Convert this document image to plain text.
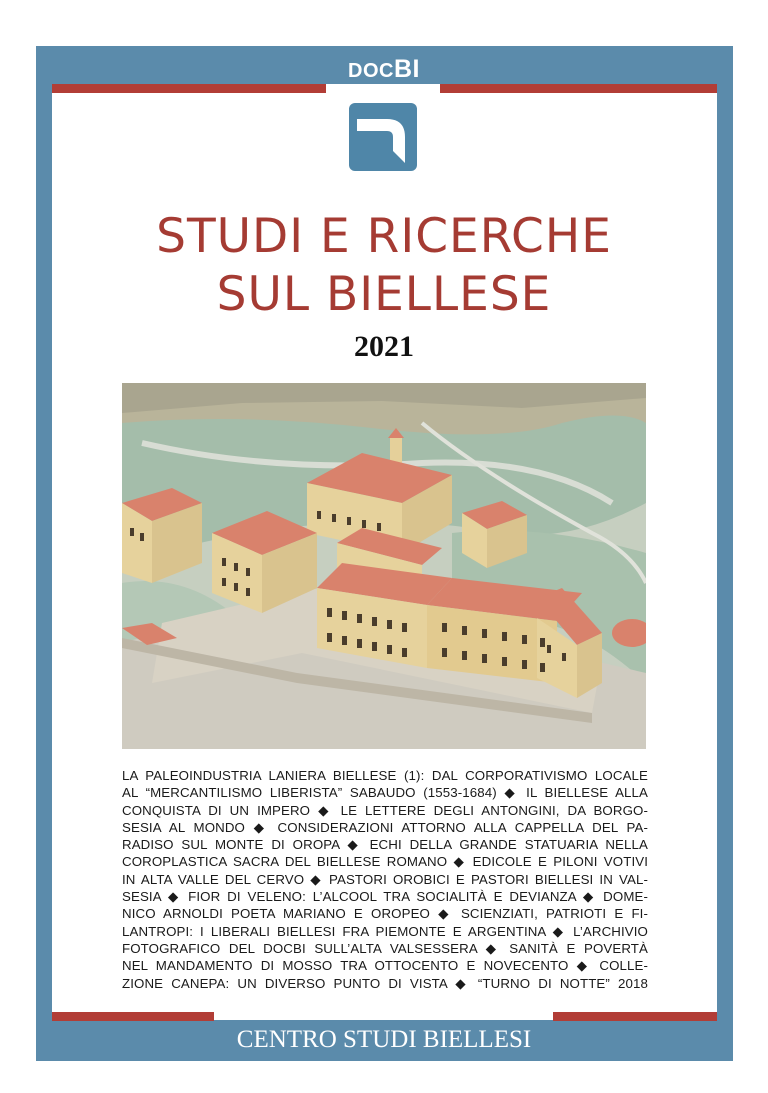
DOCBI
STUDI E RICERCHE
SUL BIELLESE
2021
LA PALEOINDUSTRIA LANIERA BIELLESE (1): DAL CORPORATIVISMO LOCALE
AL “MERCANTILISMO LIBERISTA” SABAUDO (1553-1684) ◆ IL BIELLESE ALLA
CONQUISTA DI UN IMPERO ◆ LE LETTERE DEGLI ANTONGINI, DA BORGO-
SESIA AL MONDO ◆ CONSIDERAZIONI ATTORNO ALLA CAPPELLA DEL PA-
RADISO SUL MONTE DI OROPA ◆ ECHI DELLA GRANDE STATUARIA NELLA
COROPLASTICA SACRA DEL BIELLESE ROMANO ◆ EDICOLE E PILONI VOTIVI
IN ALTA VALLE DEL CERVO ◆ PASTORI OROBICI E PASTORI BIELLESI IN VAL-
SESIA ◆ FIOR DI VELENO: L’ALCOOL TRA SOCIALITÀ E DEVIANZA ◆ DOME-
NICO ARNOLDI POETA MARIANO E OROPEO ◆ SCIENZIATI, PATRIOTI E FI-
LANTROPI: I LIBERALI BIELLESI FRA PIEMONTE E ARGENTINA ◆ L’ARCHIVIO
FOTOGRAFICO DEL DOCBI SULL’ALTA VALSESSERA ◆ SANITÀ E POVERTÀ
NEL MANDAMENTO DI MOSSO TRA OTTOCENTO E NOVECENTO ◆ COLLE-
ZIONE CANEPA: UN DIVERSO PUNTO DI VISTA ◆ “TURNO DI NOTTE” 2018
CENTRO STUDI BIELLESI
